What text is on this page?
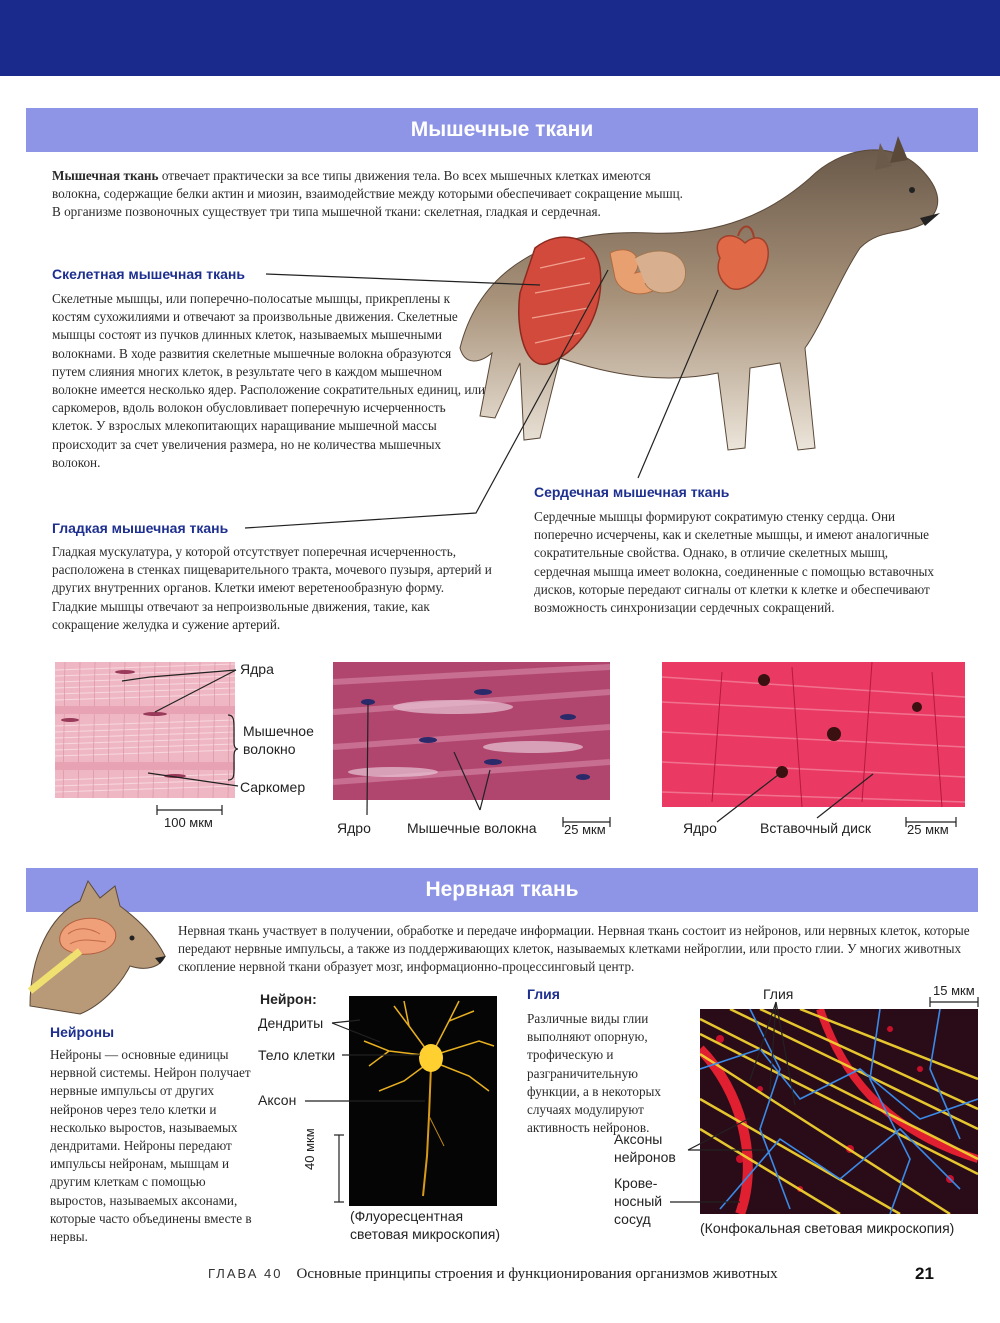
Мышечные ткани

Мышечная ткань отвечает практически за все типы движения тела. Во всех мышечных клетках имеются волокна, содержащие белки актин и миозин, взаимодействие между которыми обеспечивает сокращение мышц. В организме позвоночных существует три типа мышечной ткани: скелетная, гладкая и сердечная.

Скелетная мышечная ткань

Скелетные мышцы, или поперечно-полосатые мышцы, прикреплены к костям сухожилиями и отвечают за произвольные движения. Скелетные мышцы состоят из пучков длинных клеток, называемых мышечными волокнами. В ходе развития скелетные мышечные волокна образуются путем слияния многих клеток, в результате чего в каждом мышечном волокне имеется несколько ядер. Расположение сократительных единиц, или саркомеров, вдоль волокон обусловливает поперечную исчерченность клеток. У взрослых млекопитающих наращивание мышечной массы происходит за счет увеличения размера, но не количества мышечных волокон.

Гладкая мышечная ткань

Гладкая мускулатура, у которой отсутствует поперечная исчерченность, расположена в стенках пищеварительного тракта, мочевого пузыря, артерий и других внутренних органов. Клетки имеют веретенообразную форму. Гладкие мышцы отвечают за непроизвольные движения, такие, как сокращение желудка и сужение артерий.

Сердечная мышечная ткань

Сердечные мышцы формируют сократимую стенку сердца. Они поперечно исчерчены, как и скелетные мышцы, и имеют аналогичные сократительные свойства. Однако, в отличие скелетных мышц, сердечная мышца имеет волокна, соединенные с помощью вставочных дисков, которые передают сигналы от клетки к клетке и обеспечивают возможность синхронизации сердечных сокращений.

Ядра
Мышечное
волокно
Саркомер
100 мкм	Ядро	Мышечные волокна 25 мкм	Ядро	Вставочный диск	25 мкм
Нервная ткань

Нервная ткань участвует в получении, обработке и передаче информации. Нервная ткань состоит из нейронов, или нервных клеток, которые передают нервные импульсы, а также из поддерживающих клеток, называемых клетками нейроглии, или просто глии. У многих животных скопление нервной ткани образует мозг, информационно-процессинговый центр.

Нейроны

Нейроны — основные единицы нервной системы. Нейрон получает нервные импульсы от других нейронов через тело клетки и несколько выростов, называемых дендритами. Нейроны передают импульсы нейронам, мышцам и другим клеткам с помощью выростов, называемых аксонами, которые часто объединены вместе в нервы.

Нейрон:
Дендриты
Тело клетки
Аксон
40 мкм
(Флуоресцентная
световая микроскопия)

Глия

Различные виды глии выполняют опорную, трофическую и разграничительную функции, а в некоторых случаях модулируют активность нейронов.

Глия	15 мкм
Аксоны
нейронов
Крове-
носный
сосуд
(Конфокальная световая микроскопия)
ГЛАВА 40 Основные принципы строения и функционирования организмов животных	21
